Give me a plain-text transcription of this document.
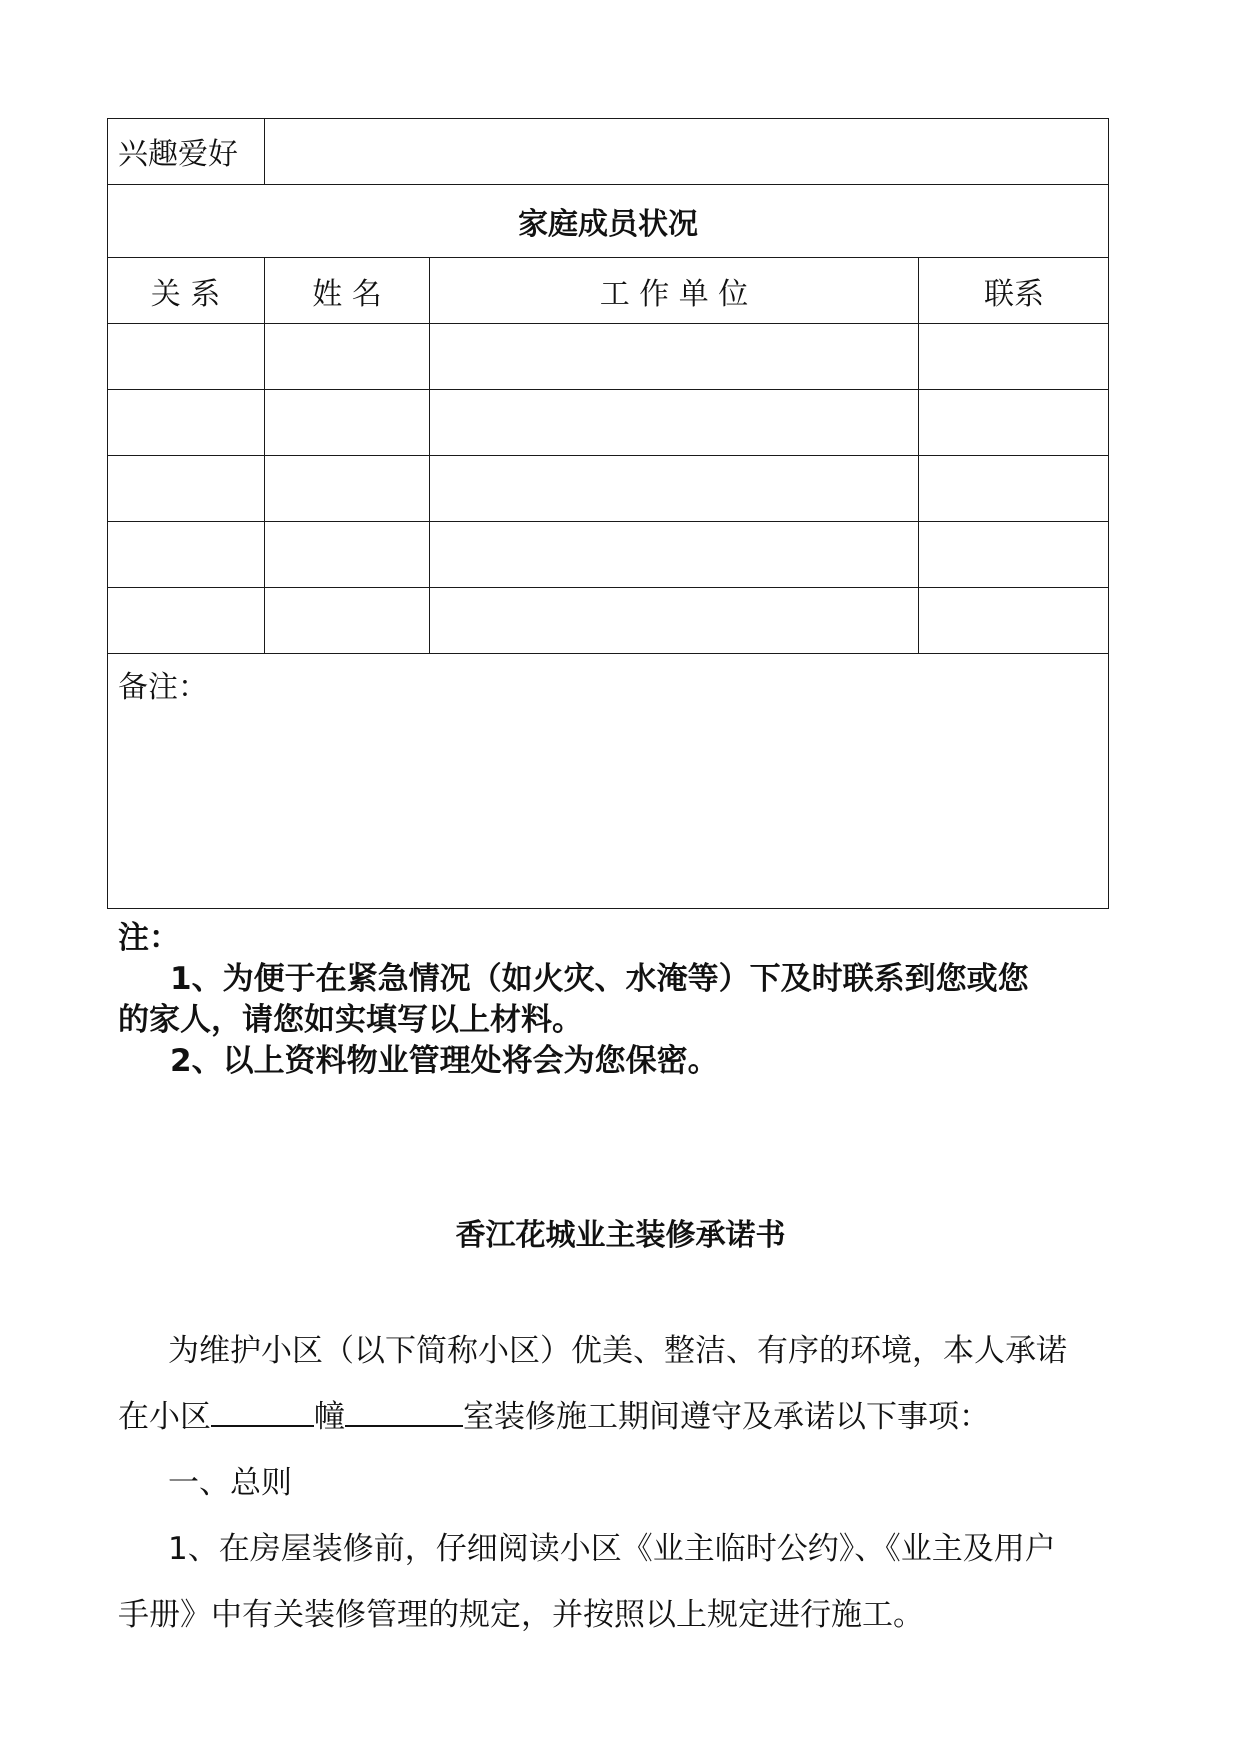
兴趣爱好
家庭成员状况
关 系	姓 名	工 作 单 位	联系
备注：
注：
1、为便于在紧急情况（如火灾、水淹等）下及时联系到您或您
的家人，请您如实填写以上材料。
2、以上资料物业管理处将会为您保密。
香江花城业主装修承诺书
为维护小区（以下简称小区）优美、整洁、有序的环境，本人承诺
在小区	幢	室装修施工期间遵守及承诺以下事项：
一、总则
1、在房屋装修前，仔细阅读小区《业主临时公约》、《业主及用户
手册》中有关装修管理的规定，并按照以上规定进行施工。
